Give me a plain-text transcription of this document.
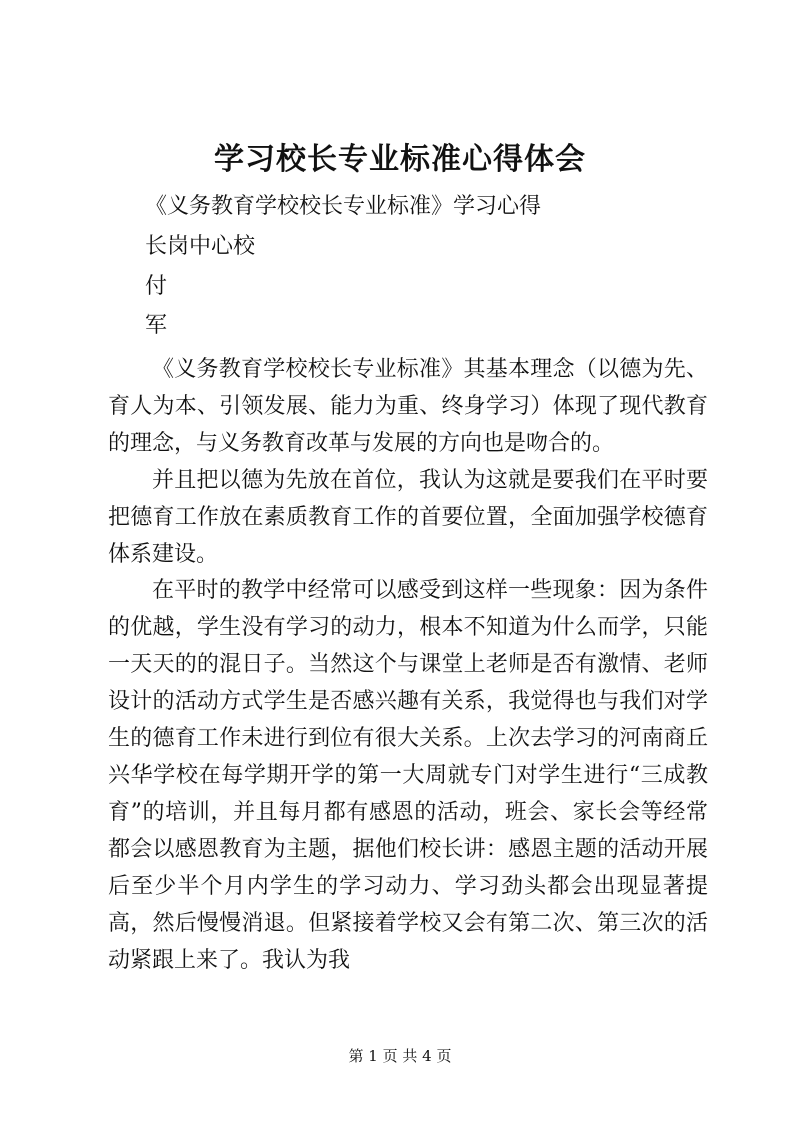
学习校长专业标准心得体会
《义务教育学校校长专业标准》学习心得
长岗中心校
付
军

《义务教育学校校长专业标准》其基本理念（以德为先、育人为本、引领发展、能力为重、终身学习）体现了现代教育的理念，与义务教育改革与发展的方向也是吻合的。

并且把以德为先放在首位，我认为这就是要我们在平时要把德育工作放在素质教育工作的首要位置，全面加强学校德育体系建设。

在平时的教学中经常可以感受到这样一些现象：因为条件的优越，学生没有学习的动力，根本不知道为什么而学，只能一天天的的混日子。当然这个与课堂上老师是否有激情、老师设计的活动方式学生是否感兴趣有关系，我觉得也与我们对学生的德育工作未进行到位有很大关系。上次去学习的河南商丘兴华学校在每学期开学的第一大周就专门对学生进行“三成教育”的培训，并且每月都有感恩的活动，班会、家长会等经常都会以感恩教育为主题，据他们校长讲：感恩主题的活动开展后至少半个月内学生的学习动力、学习劲头都会出现显著提高，然后慢慢消退。但紧接着学校又会有第二次、第三次的活动紧跟上来了。我认为我

第 1 页 共 4 页
